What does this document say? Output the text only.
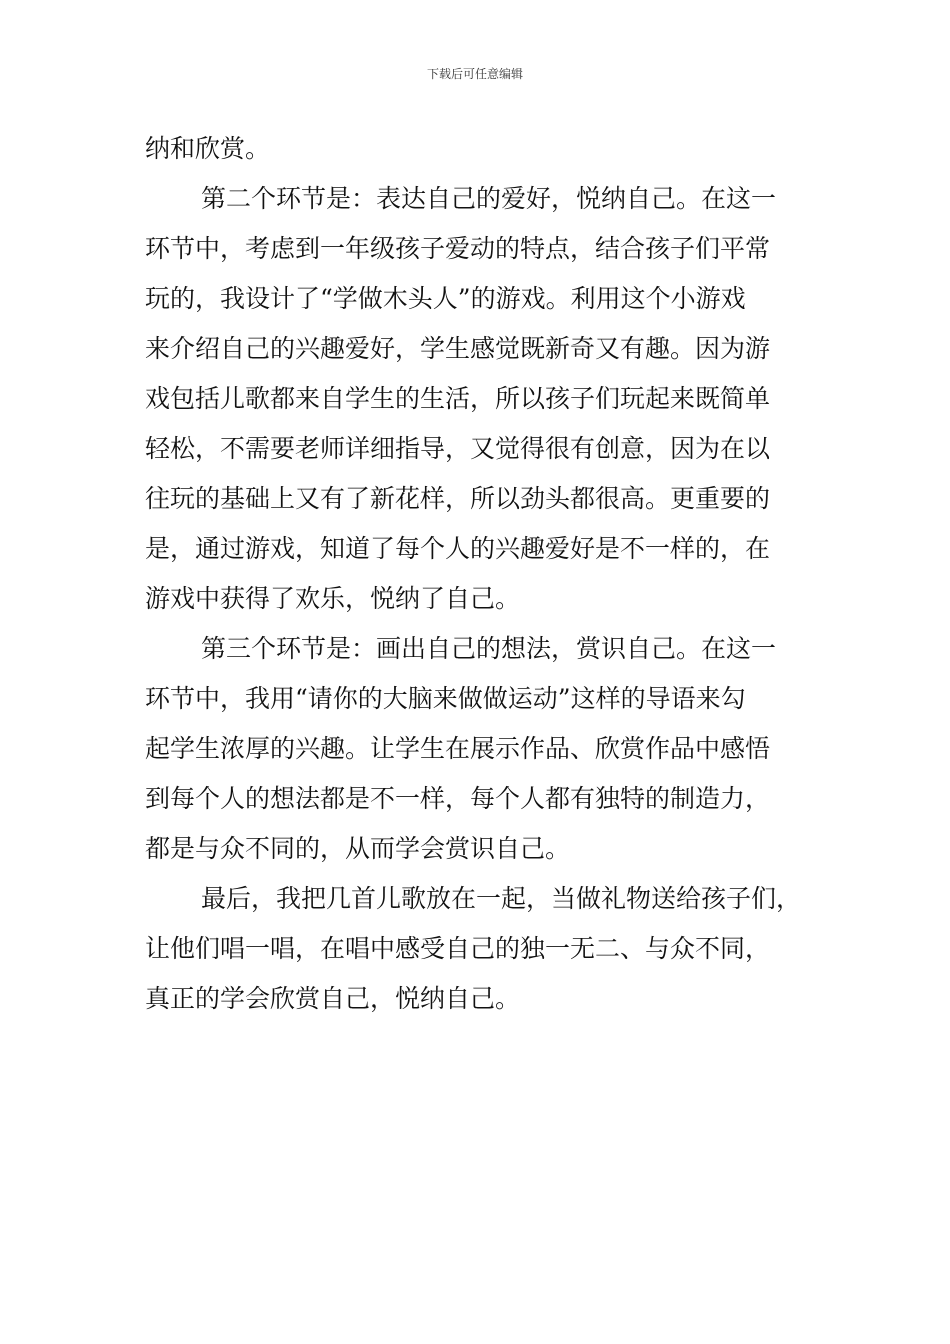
下载后可任意编辑
纳和欣赏。
第二个环节是：表达自己的爱好，悦纳自己。在这一
环节中，考虑到一年级孩子爱动的特点，结合孩子们平常
玩的，我设计了“学做木头人”的游戏。利用这个小游戏
来介绍自己的兴趣爱好，学生感觉既新奇又有趣。因为游
戏包括儿歌都来自学生的生活，所以孩子们玩起来既简单
轻松，不需要老师详细指导，又觉得很有创意，因为在以
往玩的基础上又有了新花样，所以劲头都很高。更重要的
是，通过游戏，知道了每个人的兴趣爱好是不一样的，在
游戏中获得了欢乐，悦纳了自己。
第三个环节是：画出自己的想法，赏识自己。在这一
环节中，我用“请你的大脑来做做运动”这样的导语来勾
起学生浓厚的兴趣。让学生在展示作品、欣赏作品中感悟
到每个人的想法都是不一样，每个人都有独特的制造力，
都是与众不同的，从而学会赏识自己。
最后，我把几首儿歌放在一起，当做礼物送给孩子们，
让他们唱一唱，在唱中感受自己的独一无二、与众不同，
真正的学会欣赏自己，悦纳自己。
